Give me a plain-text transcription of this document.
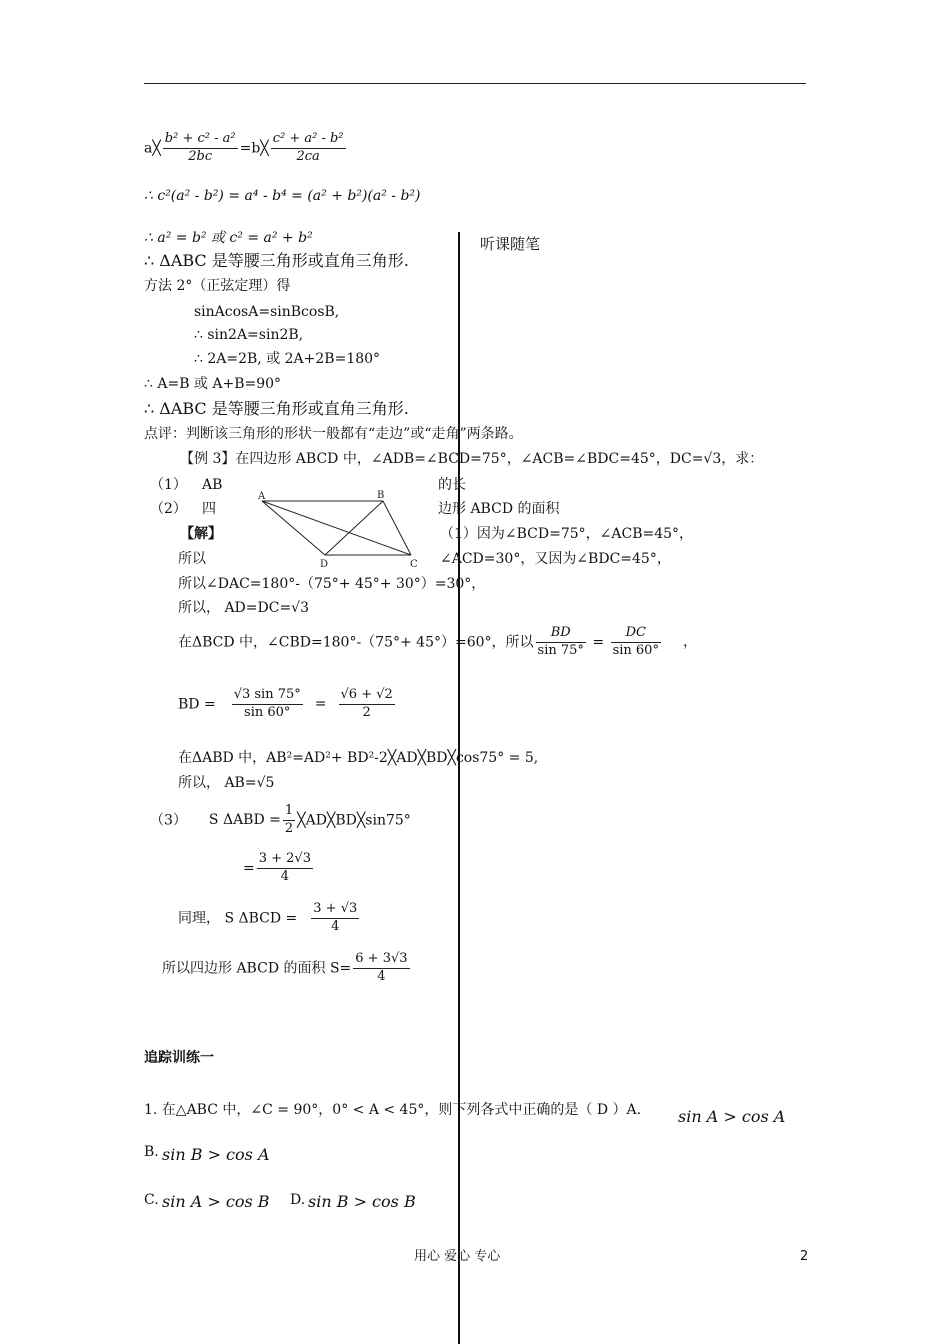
听课随笔
a╳ $\frac{\text{b² + c² - a²}}{2bc}$ =b╳ $\frac{\text{c² + a² - b²}}{2ca}$
∴ c²(a² - b²) = a⁴ - b⁴ = (a² + b²)(a² - b²)
∴ a² = b² 或 c² = a² + b²
∴ ΔABC 是等腰三角形或直角三角形.
方法 2°（正弦定理）得
sinAcosA=sinBcosB,
∴ sin2A=sin2B,
∴ 2A=2B, 或 2A+2B=180°
∴ A=B 或 A+B=90°
∴ ΔABC 是等腰三角形或直角三角形.
点评：判断该三角形的形状一般都有“走边”或“走角”两条路。
【例 3】在四边形 ABCD 中，∠ADB=∠BCD=75°，∠ACB=∠BDC=45°，DC=√3，求：
（1） AB	的长
（2） 四	边形 ABCD 的面积
A	B
C
D
【解】	（1）因为∠BCD=75°，∠ACB=45°，
所以	∠ACD=30°，又因为∠BDC=45°，
所以∠DAC=180°-（75°+ 45°+ 30°）=30°，
所以， AD=DC=√3
在ΔBCD 中，∠CBD=180°-（75°+ 45°）=60°，所以 $\frac{BD}{\sin 75^\circ} = \frac{DC}{\sin 60^\circ}$ ，
BD = $\frac{√3 \sin 75^\circ}{\sin 60^\circ} = \frac{√6 + √2}{2}$
在ΔABD 中，AB²=AD²+ BD²-2╳AD╳BD╳cos75° = 5,
所以， AB=√5
（3） S $\Delta ABD = \frac{1}{2}$ ╳AD╳BD╳sin75°
= $\frac{3 + 2√3}{4}$
同理， S $\Delta BCD = \frac{3 + √3}{4}$
所以四边形 ABCD 的面积 $S= \frac{6 + 3√3}{4}$
追踪训练一
1. 在△ABC 中，∠C = 90°，0° < A < 45°，则下列各式中正确的是（ D ）A. sin A > cos A
B. sin B > cos A
C. sin A > cos B D. sin B > cos B
用心 爱心 专心	2
